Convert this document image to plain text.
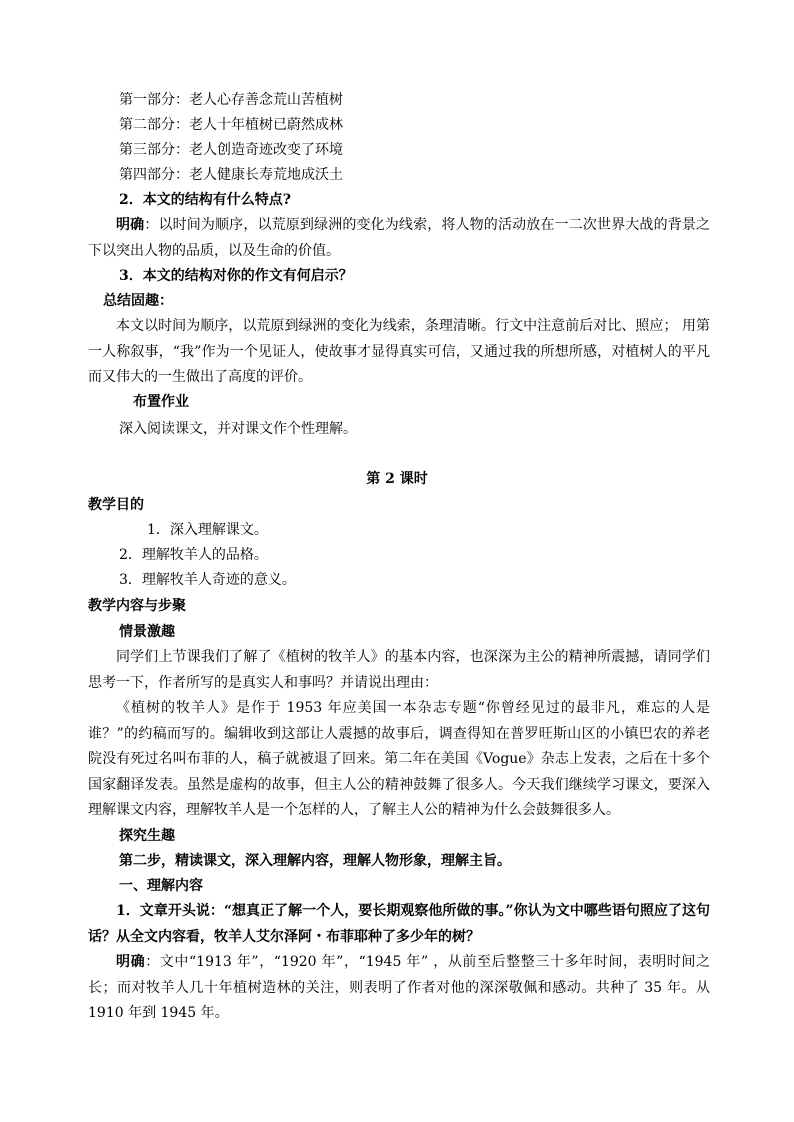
第一部分：老人心存善念荒山苦植树
第二部分：老人十年植树已蔚然成林
第三部分：老人创造奇迹改变了环境
第四部分：老人健康长寿荒地成沃土
2．本文的结构有什么特点?
明确：以时间为顺序，以荒原到绿洲的变化为线索，将人物的活动放在一二次世界大战的背景之下以突出人物的品质，以及生命的价值。
3．本文的结构对你的作文有何启示？
总结固趣：
本文以时间为顺序，以荒原到绿洲的变化为线索，条理清晰。行文中注意前后对比、照应； 用第一人称叙事，“我”作为一个见证人，使故事才显得真实可信，又通过我的所想所感，对植树人的平凡而又伟大的一生做出了高度的评价。
布置作业
深入阅读课文，并对课文作个性理解。
第 2 课时
教学目的
1．深入理解课文。
2．理解牧羊人的品格。
3．理解牧羊人奇迹的意义。
教学内容与步聚
情景激趣
同学们上节课我们了解了《植树的牧羊人》的基本内容，也深深为主公的精神所震撼，请同学们思考一下，作者所写的是真实人和事吗？并请说出理由：
《植树的牧羊人》是作于 1953 年应美国一本杂志专题“你曾经见过的最非凡，难忘的人是谁？”的约稿而写的。编辑收到这部让人震撼的故事后，调查得知在普罗旺斯山区的小镇巴农的养老院没有死过名叫布菲的人，稿子就被退了回来。第二年在美国《Vogue》杂志上发表，之后在十多个国家翻译发表。虽然是虚构的故事，但主人公的精神鼓舞了很多人。今天我们继续学习课文，要深入理解课文内容，理解牧羊人是一个怎样的人，了解主人公的精神为什么会鼓舞很多人。
探究生趣
第二步，精读课文，深入理解内容，理解人物形象，理解主旨。
一、理解内容
1．文章开头说：“想真正了解一个人，要长期观察他所做的事。”你认为文中哪些语句照应了这句话？从全文内容看，牧羊人艾尔泽阿・布菲耶种了多少年的树？
明确：文中“1913 年”，“1920 年”，“1945 年” ，从前至后整整三十多年时间，表明时间之长；而对牧羊人几十年植树造林的关注，则表明了作者对他的深深敬佩和感动。共种了 35 年。从 1910 年到 1945 年。
